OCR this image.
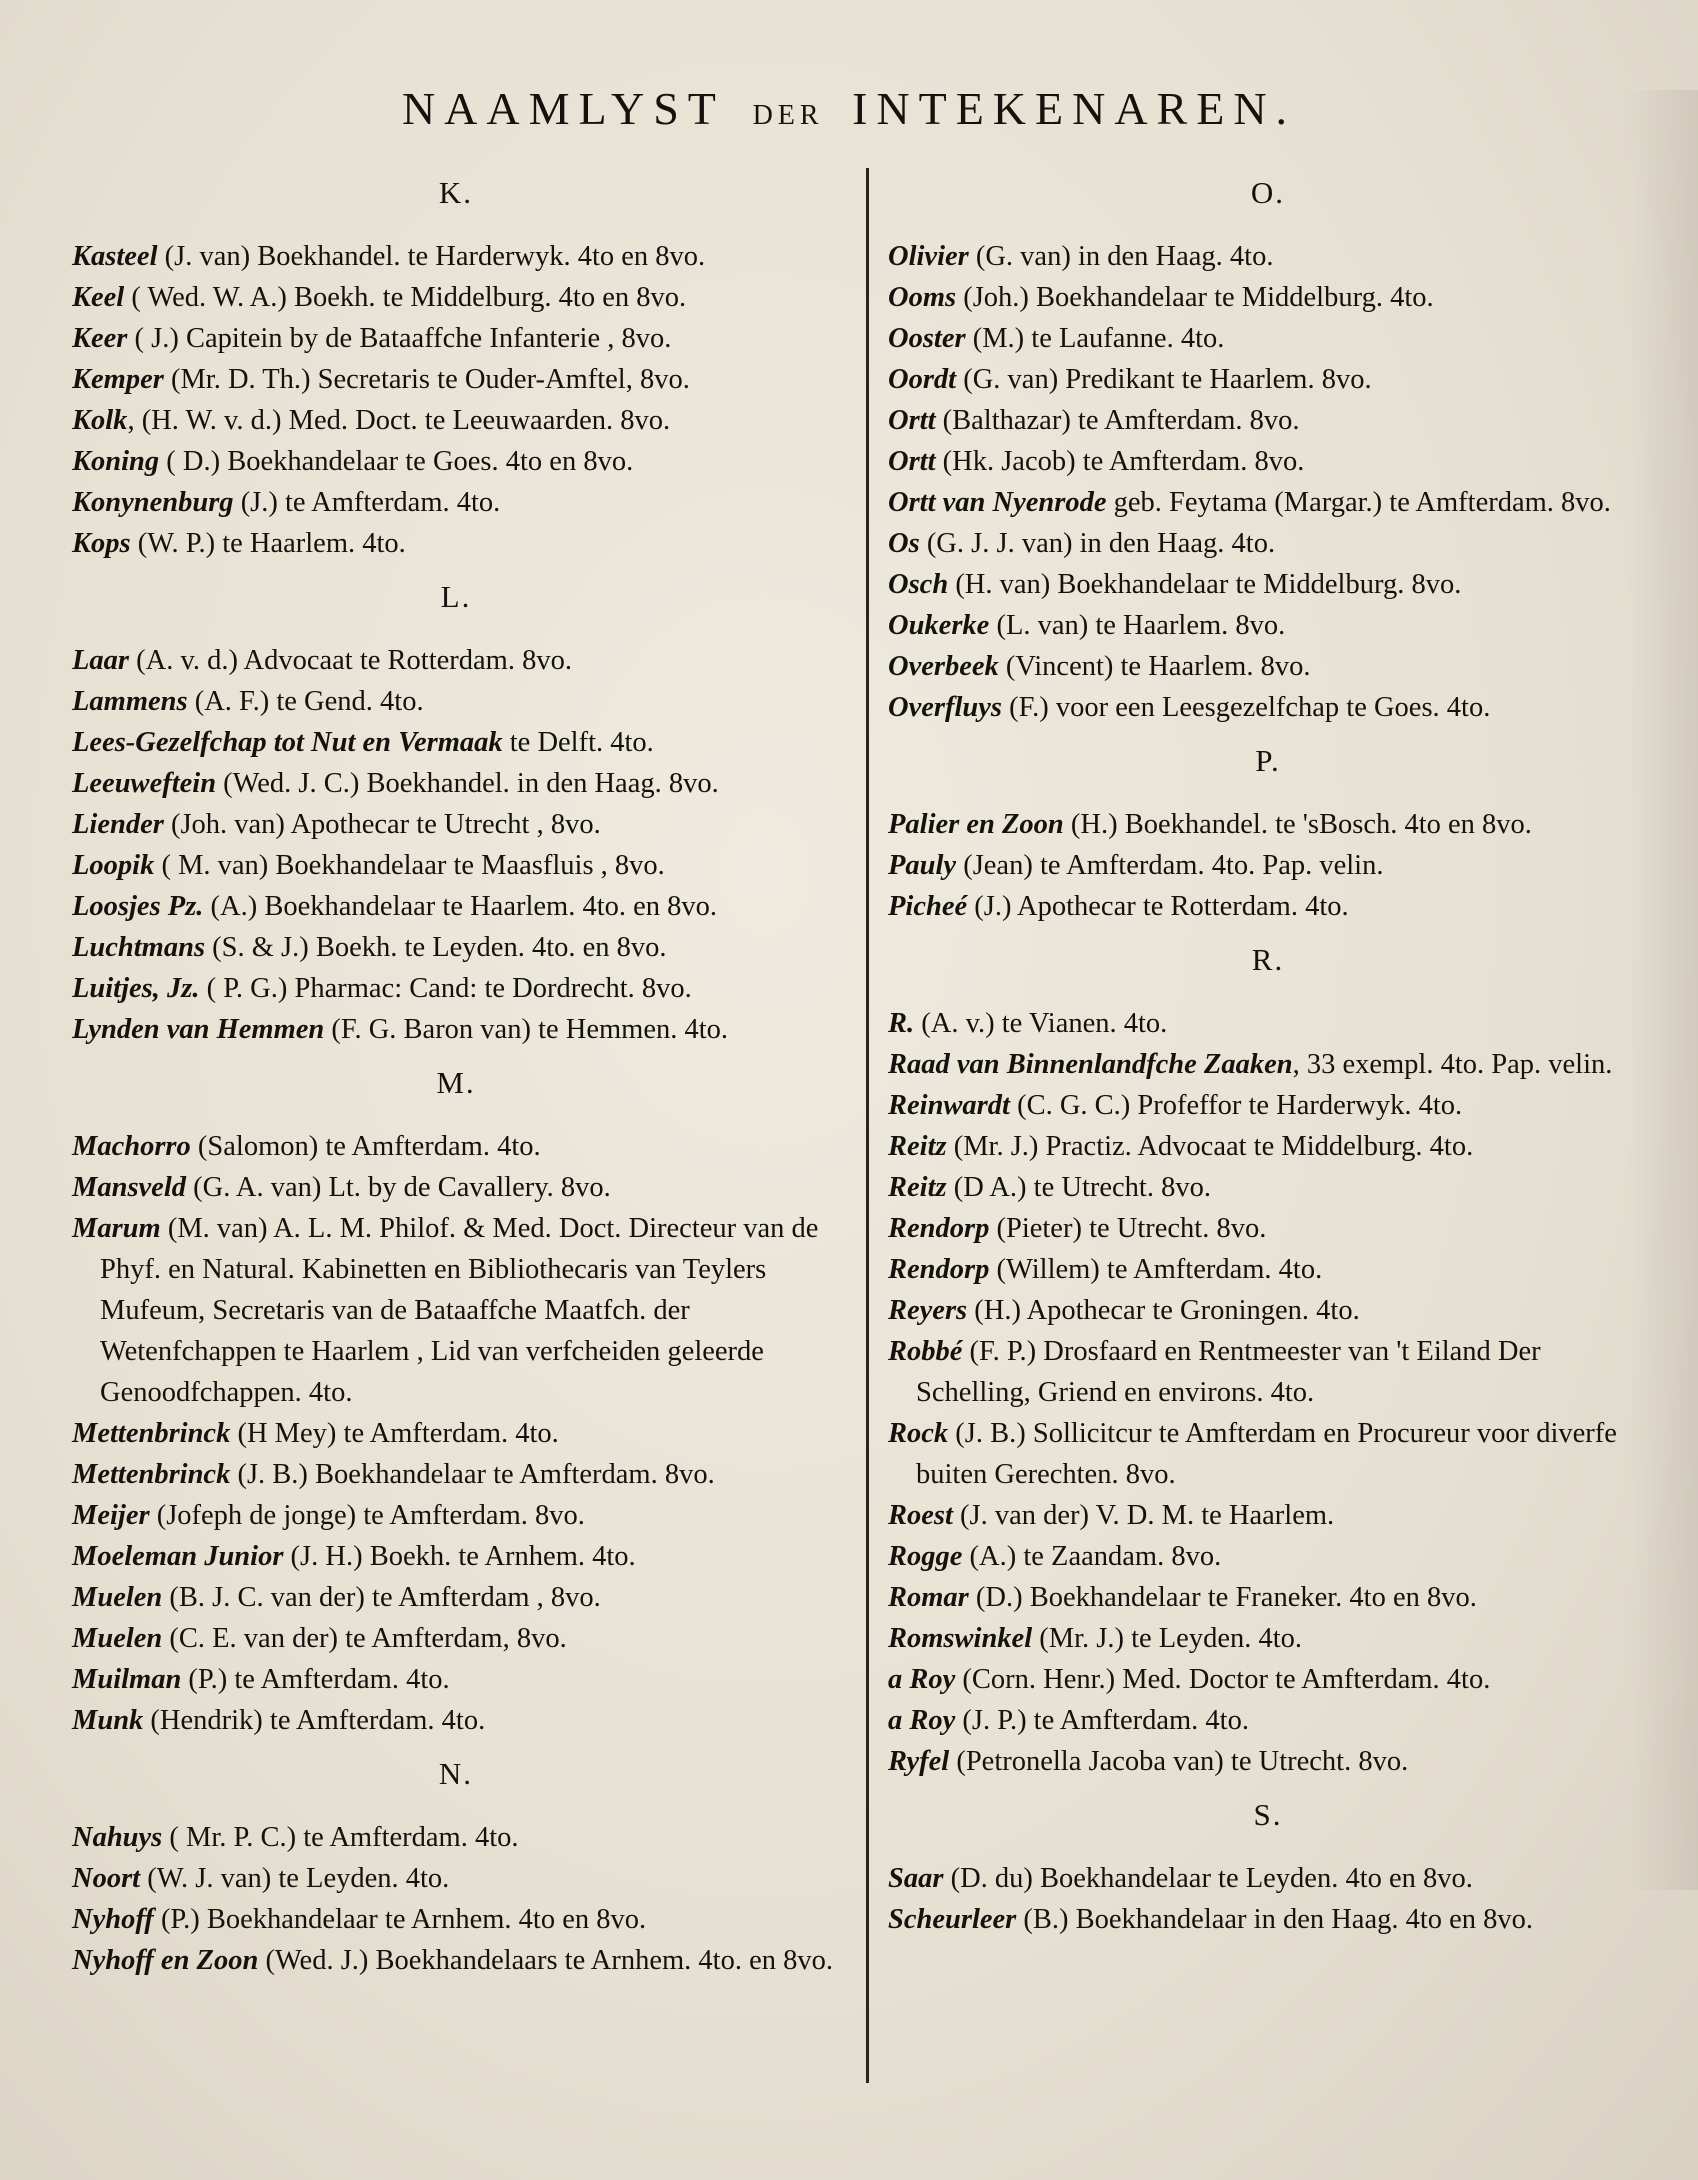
NAAMLYST DER INTEKENAREN.
K.
Kasteel (J. van) Boekhandel. te Harderwyk. 4to en 8vo.
Keel ( Wed. W. A.) Boekh. te Middelburg. 4to en 8vo.
Keer ( J.) Capitein by de Bataaffche Infanterie , 8vo.
Kemper (Mr. D. Th.) Secretaris te Ouder-Amftel, 8vo.
Kolk, (H. W. v. d.) Med. Doct. te Leeuwaarden. 8vo.
Koning ( D.) Boekhandelaar te Goes. 4to en 8vo.
Konynenburg (J.) te Amfterdam. 4to.
Kops (W. P.) te Haarlem. 4to.
L.
Laar (A. v. d.) Advocaat te Rotterdam. 8vo.
Lammens (A. F.) te Gend. 4to.
Lees-Gezelfchap tot Nut en Vermaak te Delft. 4to.
Leeuweftein (Wed. J. C.) Boekhandel. in den Haag. 8vo.
Liender (Joh. van) Apothecar te Utrecht , 8vo.
Loopik ( M. van) Boekhandelaar te Maasfluis , 8vo.
Loosjes Pz. (A.) Boekhandelaar te Haarlem. 4to. en 8vo.
Luchtmans (S. & J.) Boekh. te Leyden. 4to. en 8vo.
Luitjes, Jz. ( P. G.) Pharmac: Cand: te Dordrecht. 8vo.
Lynden van Hemmen (F. G. Baron van) te Hemmen. 4to.
M.
Machorro (Salomon) te Amfterdam. 4to.
Mansveld (G. A. van) Lt. by de Cavallery. 8vo.
Marum (M. van) A. L. M. Philof. & Med. Doct. Directeur van de Phyf. en Natural. Kabinetten en Bibliothecaris van Teylers Mufeum, Secretaris van de Bataaffche Maatfch. der Wetenfchappen te Haarlem , Lid van verfcheiden geleerde Genoodfchappen. 4to.
Mettenbrinck (H Mey) te Amfterdam. 4to.
Mettenbrinck (J. B.) Boekhandelaar te Amfterdam. 8vo.
Meijer (Jofeph de jonge) te Amfterdam. 8vo.
Moeleman Junior (J. H.) Boekh. te Arnhem. 4to.
Muelen (B. J. C. van der) te Amfterdam , 8vo.
Muelen (C. E. van der) te Amfterdam, 8vo.
Muilman (P.) te Amfterdam. 4to.
Munk (Hendrik) te Amfterdam. 4to.
N.
Nahuys ( Mr. P. C.) te Amfterdam. 4to.
Noort (W. J. van) te Leyden. 4to.
Nyhoff (P.) Boekhandelaar te Arnhem. 4to en 8vo.
Nyhoff en Zoon (Wed. J.) Boekhandelaars te Arnhem. 4to. en 8vo.
O.
Olivier (G. van) in den Haag. 4to.
Ooms (Joh.) Boekhandelaar te Middelburg. 4to.
Ooster (M.) te Laufanne. 4to.
Oordt (G. van) Predikant te Haarlem. 8vo.
Ortt (Balthazar) te Amfterdam. 8vo.
Ortt (Hk. Jacob) te Amfterdam. 8vo.
Ortt van Nyenrode geb. Feytama (Margar.) te Amfterdam. 8vo.
Os (G. J. J. van) in den Haag. 4to.
Osch (H. van) Boekhandelaar te Middelburg. 8vo.
Oukerke (L. van) te Haarlem. 8vo.
Overbeek (Vincent) te Haarlem. 8vo.
Overfluys (F.) voor een Leesgezelfchap te Goes. 4to.
P.
Palier en Zoon (H.) Boekhandel. te 'sBosch. 4to en 8vo.
Pauly (Jean) te Amfterdam. 4to. Pap. velin.
Picheé (J.) Apothecar te Rotterdam. 4to.
R.
R. (A. v.) te Vianen. 4to.
Raad van Binnenlandfche Zaaken, 33 exempl. 4to. Pap. velin.
Reinwardt (C. G. C.) Profeffor te Harderwyk. 4to.
Reitz (Mr. J.) Practiz. Advocaat te Middelburg. 4to.
Reitz (D A.) te Utrecht. 8vo.
Rendorp (Pieter) te Utrecht. 8vo.
Rendorp (Willem) te Amfterdam. 4to.
Reyers (H.) Apothecar te Groningen. 4to.
Robbé (F. P.) Drosfaard en Rentmeester van 't Eiland Der Schelling, Griend en environs. 4to.
Rock (J. B.) Sollicitcur te Amfterdam en Procureur voor diverfe buiten Gerechten. 8vo.
Roest (J. van der) V. D. M. te Haarlem.
Rogge (A.) te Zaandam. 8vo.
Romar (D.) Boekhandelaar te Franeker. 4to en 8vo.
Romswinkel (Mr. J.) te Leyden. 4to.
a Roy (Corn. Henr.) Med. Doctor te Amfterdam. 4to.
a Roy (J. P.) te Amfterdam. 4to.
Ryfel (Petronella Jacoba van) te Utrecht. 8vo.
S.
Saar (D. du) Boekhandelaar te Leyden. 4to en 8vo.
Scheurleer (B.) Boekhandelaar in den Haag. 4to en 8vo.
